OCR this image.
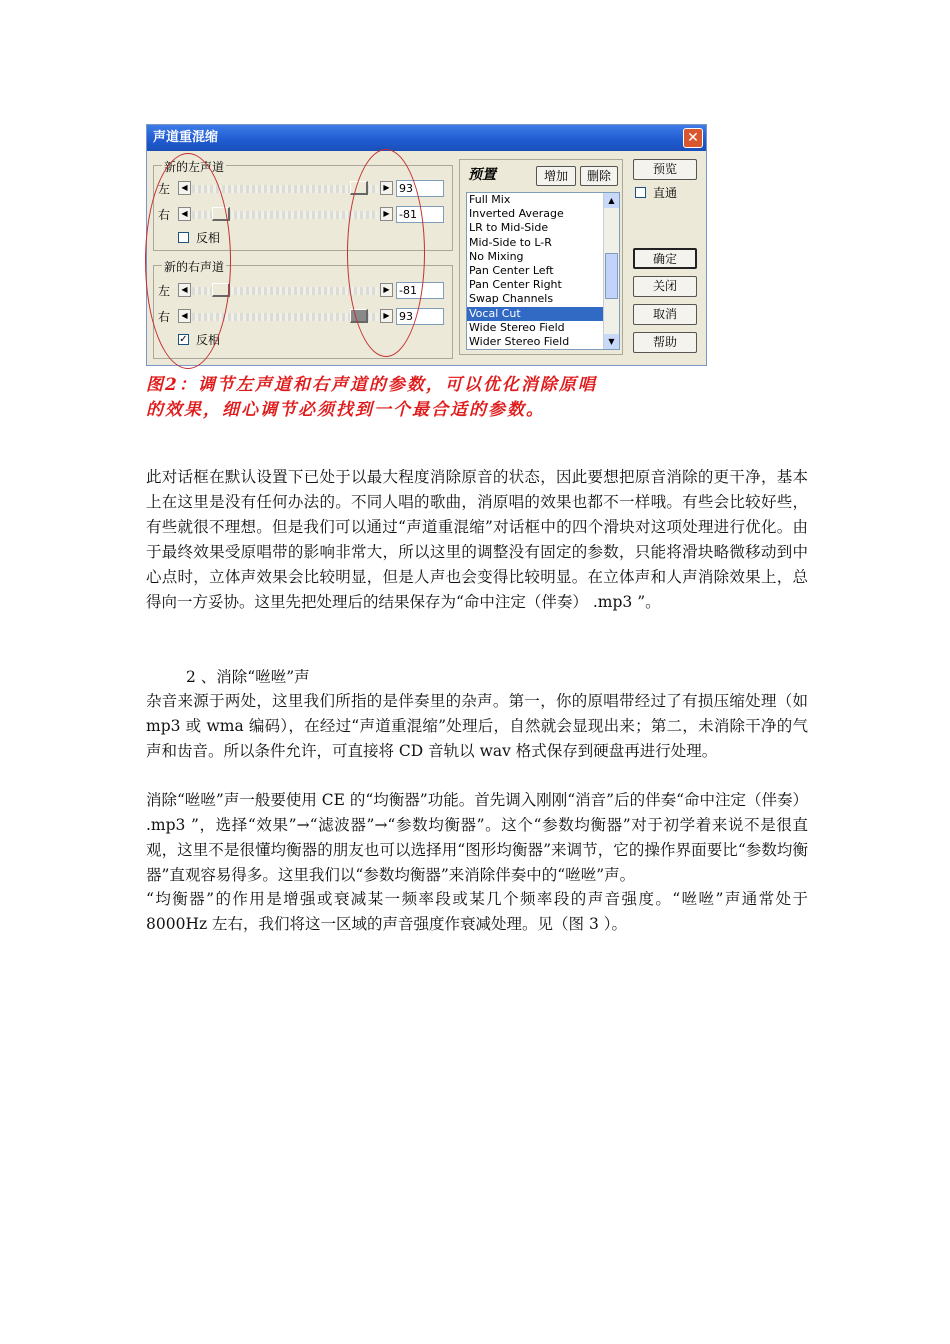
声道重混缩	✕
新的左声道
左	◀	▶ 93
右	◀	▶ -81
反相
新的右声道
左	◀	▶ -81
右	◀	▶ 93
✓ 反相
预置	增加	删除
Full Mix
Inverted Average
LR to Mid-Side
Mid-Side to L-R
No Mixing
Pan Center Left
Pan Center Right
Swap Channels
Vocal Cut
Wide Stereo Field
Wider Stereo Field
▲
▼
预览
直通
确定
关闭
取消
帮助
图2：调节左声道和右声道的参数，可以优化消除原唱
的效果，细心调节必须找到一个最合适的参数。

此对话框在默认设置下已处于以最大程度消除原音的状态，因此要想把原音消除的更干净，基本上在这里是没有任何办法的。不同人唱的歌曲，消原唱的效果也都不一样哦。有些会比较好些，有些就很不理想。但是我们可以通过“声道重混缩”对话框中的四个滑块对这项处理进行优化。由于最终效果受原唱带的影响非常大，所以这里的调整没有固定的参数，只能将滑块略微移动到中心点时，立体声效果会比较明显，但是人声也会变得比较明显。在立体声和人声消除效果上，总得向一方妥协。这里先把处理后的结果保存为“命中注定（伴奏） .mp3 ”。

2 、消除“咝咝”声

杂音来源于两处，这里我们所指的是伴奏里的杂声。第一，你的原唱带经过了有损压缩处理（如 mp3 或 wma 编码），在经过“声道重混缩”处理后，自然就会显现出来；第二，未消除干净的气声和齿音。所以条件允许，可直接将 CD 音轨以 wav 格式保存到硬盘再进行处理。

消除“咝咝”声一般要使用 CE 的“均衡器”功能。首先调入刚刚“消音”后的伴奏“命中注定（伴奏） .mp3 ”，选择“效果”→“滤波器”→“参数均衡器”。这个“参数均衡器”对于初学着来说不是很直观，这里不是很懂均衡器的朋友也可以选择用“图形均衡器”来调节，它的操作界面要比“参数均衡器”直观容易得多。这里我们以“参数均衡器”来消除伴奏中的“咝咝”声。

“均衡器”的作用是增强或衰减某一频率段或某几个频率段的声音强度。“咝咝”声通常处于 8000Hz 左右，我们将这一区域的声音强度作衰减处理。见（图 3 ）。
